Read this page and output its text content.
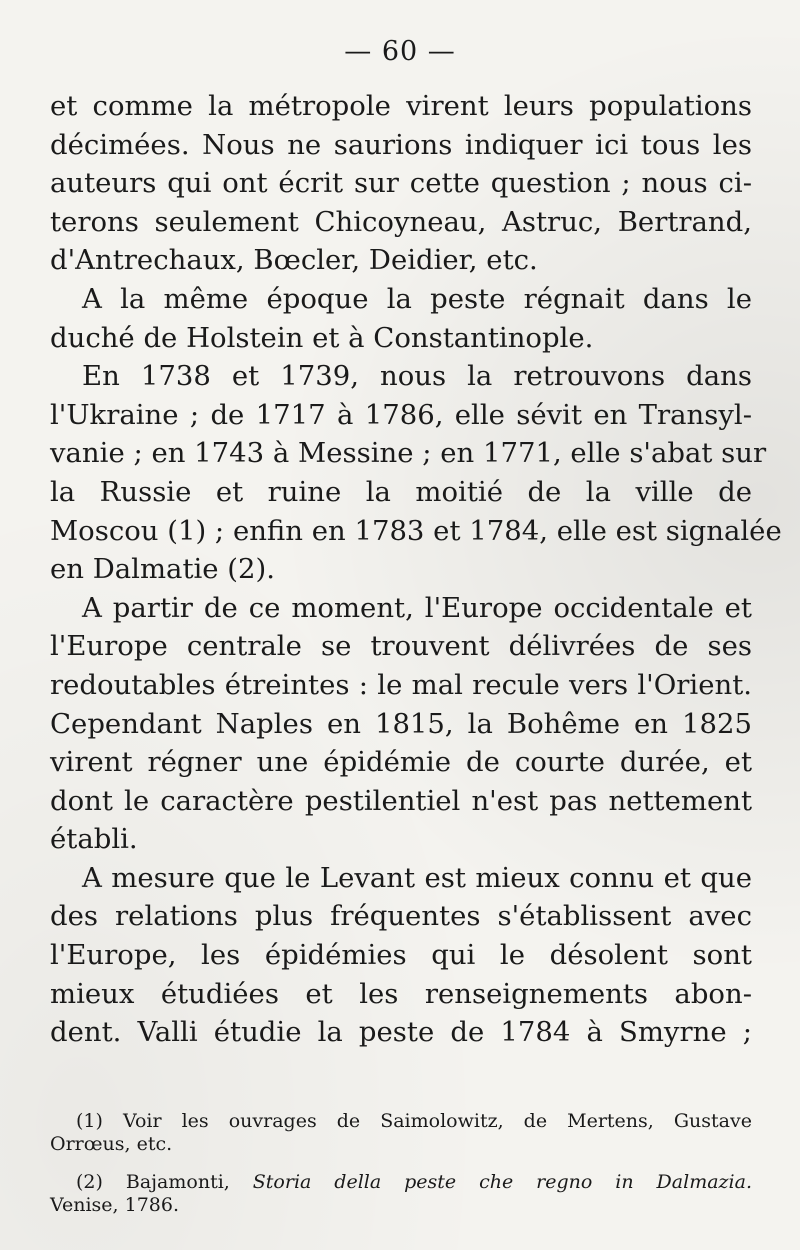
— 60 —
et comme la métropole virent leurs populations
décimées. Nous ne saurions indiquer ici tous les
auteurs qui ont écrit sur cette question ; nous ci-
terons seulement Chicoyneau, Astruc, Bertrand,
d'Antrechaux, Bœcler, Deidier, etc.
A la même époque la peste régnait dans le
duché de Holstein et à Constantinople.
En 1738 et 1739, nous la retrouvons dans
l'Ukraine ; de 1717 à 1786, elle sévit en Transyl-
vanie ; en 1743 à Messine ; en 1771, elle s'abat sur
la Russie et ruine la moitié de la ville de
Moscou (1) ; enfin en 1783 et 1784, elle est signalée
en Dalmatie (2).
A partir de ce moment, l'Europe occidentale et
l'Europe centrale se trouvent délivrées de ses
redoutables étreintes : le mal recule vers l'Orient.
Cependant Naples en 1815, la Bohême en 1825
virent régner une épidémie de courte durée, et
dont le caractère pestilentiel n'est pas nettement
établi.
A mesure que le Levant est mieux connu et que
des relations plus fréquentes s'établissent avec
l'Europe, les épidémies qui le désolent sont
mieux étudiées et les renseignements abon-
dent. Valli étudie la peste de 1784 à Smyrne ;
(1) Voir les ouvrages de Saimolowitz, de Mertens, Gustave
Orrœus, etc.
(2) Bajamonti, Storia della peste che regno in Dalmazia.
Venise, 1786.
